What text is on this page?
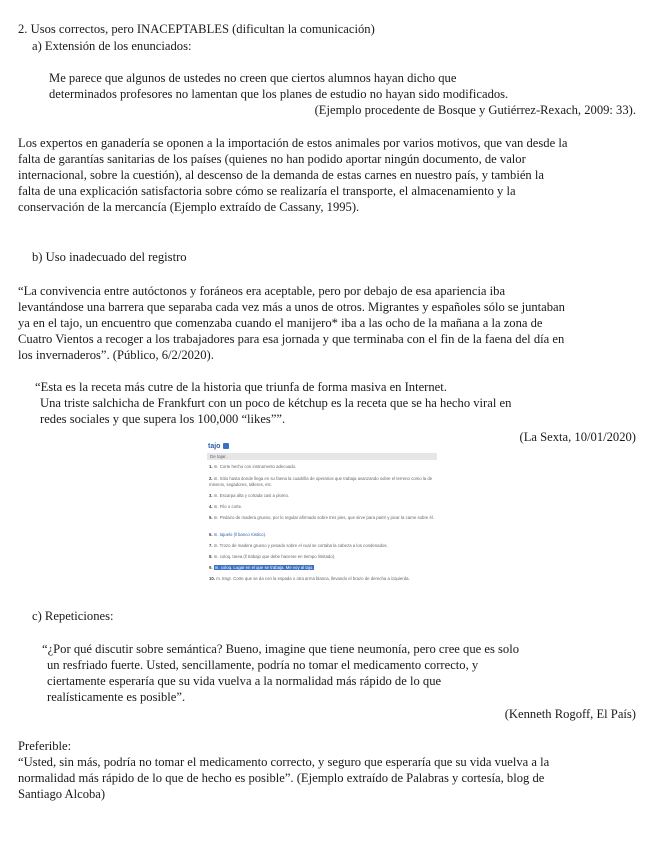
2. Usos correctos, pero INACEPTABLES (dificultan la comunicación)

a) Extensión de los enunciados:

Me parece que algunos de ustedes no creen que ciertos alumnos hayan dicho que
determinados profesores no lamentan que los planes de estudio no hayan sido modificados.

(Ejemplo procedente de Bosque y Gutiérrez-Rexach, 2009: 33).

Los expertos en ganadería se oponen a la importación de estos animales por varios motivos, que van desde la
falta de garantías sanitarias de los países (quienes no han podido aportar ningún documento, de valor
internacional, sobre la cuestión), al descenso de la demanda de estas carnes en nuestro país, y también la
falta de una explicación satisfactoria sobre cómo se realizaría el transporte, el almacenamiento y la
conservación de la mercancía (Ejemplo extraído de Cassany, 1995).

b) Uso inadecuado del registro

“La convivencia entre autóctonos y foráneos era aceptable, pero por debajo de esa apariencia iba
levantándose una barrera que separaba cada vez más a unos de otros. Migrantes y españoles sólo se juntaban
ya en el tajo, un encuentro que comenzaba cuando el manijero* iba a las ocho de la mañana a la zona de
Cuatro Vientos a recoger a los trabajadores para esa jornada y que terminaba con el fin de la faena del día en
los invernaderos”. (Público, 6/2/2020).

“Esta es la receta más cutre de la historia que triunfa de forma masiva en Internet.
Una triste salchicha de Frankfurt con un poco de kétchup es la receta que se ha hecho viral en
redes sociales y que supera los 100,000 “likes””.

(La Sexta, 10/01/2020)

tajo
De tajar.
1. m. Corte hecho con instrumento adecuado.
2. m. Sitio hasta donde llega en su faena la cuadrilla de operarios que trabaja avanzando sobre el terreno como la de miseros, segadores, talleres, etc.
3. m. Escarpa alta y cortada casi a plomo.
4. m. Filo o corte.
5. m. Pedazo de madera grueso, por lo regular afirmado sobre tres pies, que sirve para partir y picar la carne sobre él.
6. m. tajuelo (‖ banco rústico).
7. m. Trozo de madera grueso y pesado sobre el cual se cortaba la cabeza a los condenados.
8. m. coloq. tarea (‖ trabajo que debe hacerse en tiempo limitado).
9. m. coloq. Lugar en el que se trabaja. Me voy al tajo.
10. m. Esgr. Corte que se da con la espada o otra arma blanca, llevando el brazo de derecha a izquierda.

c) Repeticiones:

“¿Por qué discutir sobre semántica? Bueno, imagine que tiene neumonía, pero cree que es solo
un resfriado fuerte. Usted, sencillamente, podría no tomar el medicamento correcto, y
ciertamente esperaría que su vida vuelva a la normalidad más rápido de lo que
realísticamente es posible”.

(Kenneth Rogoff, El País)

Preferible:

“Usted, sin más, podría no tomar el medicamento correcto, y seguro que esperaría que su vida vuelva a la
normalidad más rápido de lo que de hecho es posible”. (Ejemplo extraído de Palabras y cortesía, blog de
Santiago Alcoba)
